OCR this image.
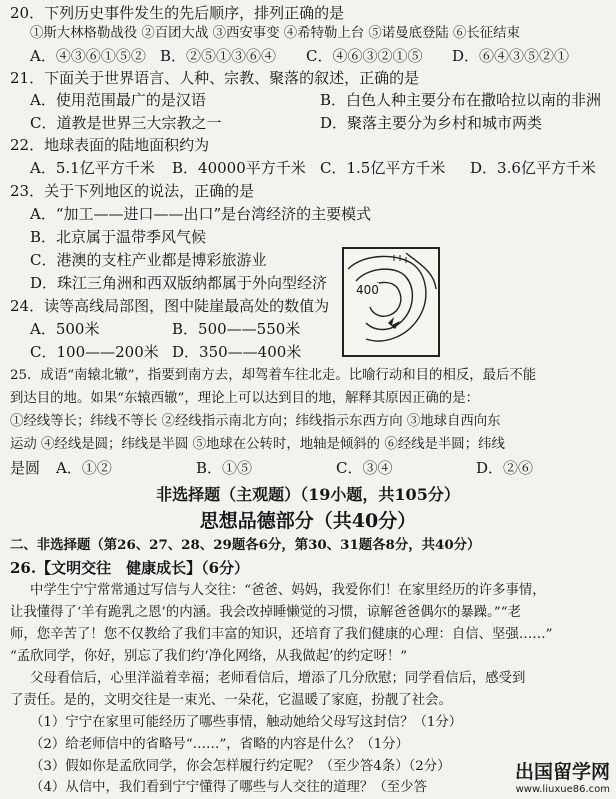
20．下列历史事件发生的先后顺序，排列正确的是
①斯大林格勒战役 ②百团大战 ③西安事变 ④希特勒上台 ⑤诺曼底登陆 ⑥长征结束
A．④③⑥①⑤② B．②⑤①③⑥④	C．④⑥③②①⑤	D．⑥④③⑤②①
21．下面关于世界语言、人种、宗教、聚落的叙述，正确的是
A．使用范围最广的是汉语	B．白色人种主要分布在撒哈拉以南的非洲
C．道教是世界三大宗教之一	D．聚落主要分为乡村和城市两类
22．地球表面的陆地面积约为
A．5.1亿平方千米	B．40000平方千米 C．1.5亿平方千米	D．3.6亿平方千米
23．关于下列地区的说法，正确的是
A．“加工——进口——出口”是台湾经济的主要模式
B．北京属于温带季风气候
C．港澳的支柱产业都是博彩旅游业
D．珠江三角洲和西双版纳都属于外向型经济	400
24．读等高线局部图，图中陡崖最高处的数值为
A．500米	B．500——550米
C．100——200米 D．350——400米
25．成语“南辕北辙”，指要到南方去，却驾着车往北走。比喻行动和目的相反，最后不能
到达目的地。如果“东辕西辙”，理论上可以达到目的地，解释其原因正确的是：
①经线等长；纬线不等长 ②经线指示南北方向；纬线指示东西方向 ③地球自西向东
运动 ④经线是圆；纬线是半圆 ⑤地球在公转时，地轴是倾斜的 ⑥经线是半圆；纬线
是圆	A．①②	B．①⑤	C．③④	D．②⑥
非选择题（主观题）（19小题，共105分）
思想品德部分（共40分）
二、非选择题（第26、27、28、29题各6分，第30、31题各8分，共40分）
26.【文明交往　健康成长】（6分）
中学生宁宁常常通过写信与人交往：“爸爸、妈妈，我爱你们！在家里经历的许多事情，
让我懂得了‘羊有跪乳之恩’的内涵。我会改掉睡懒觉的习惯，谅解爸爸偶尔的暴躁。”“老
师，您辛苦了！您不仅教给了我们丰富的知识，还培育了我们健康的心理：自信、坚强……”
“孟欣同学，你好，别忘了我们约‘净化网络，从我做起’的约定呀！”
父母看信后，心里洋溢着幸福；老师看信后，增添了几分欣慰；同学看信后，感受到
了责任。是的，文明交往是一束光、一朵花，它温暖了家庭，扮靓了社会。
（1）宁宁在家里可能经历了哪些事情，触动她给父母写这封信？（1分）
（2）给老师信中的省略号“……”，省略的内容是什么？（1分）
（3）假如你是孟欣同学，你会怎样履行约定呢？（至少答4条）（2分）
（4）从信中，我们看到宁宁懂得了哪些与人交往的道理？（至少答
出国留学网
www.liuxue86.com
